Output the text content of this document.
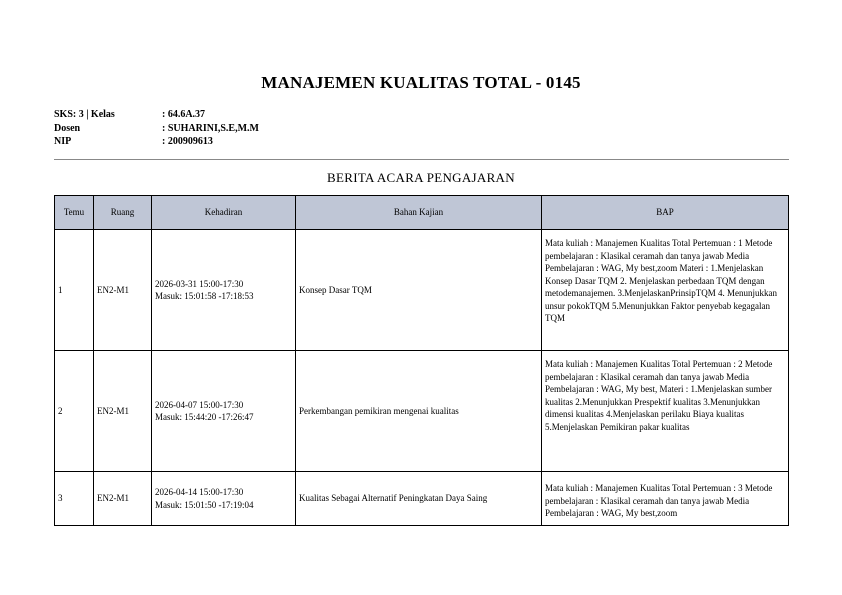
MANAJEMEN KUALITAS TOTAL - 0145
SKS: 3 | Kelas	: 64.6A.37
Dosen	: SUHARINI,S.E,M.M
NIP	: 200909613
BERITA ACARA PENGAJARAN
Temu	Ruang	Kehadiran	Bahan Kajian	BAP
1	EN2-M1	2026-03-31 15:00-17:30
Masuk: 15:01:58 -17:18:53	Konsep Dasar TQM	Mata kuliah : Manajemen Kualitas Total Pertemuan : 1 Metode pembelajaran : Klasikal ceramah dan tanya jawab Media Pembelajaran : WAG, My best,zoom Materi : 1.Menjelaskan Konsep Dasar TQM 2. Menjelaskan perbedaan TQM dengan metodemanajemen. 3.MenjelaskanPrinsipTQM 4. Menunjukkan unsur pokokTQM 5.Menunjukkan Faktor penyebab kegagalan TQM
2	EN2-M1	2026-04-07 15:00-17:30
Masuk: 15:44:20 -17:26:47	Perkembangan pemikiran mengenai kualitas	Mata kuliah : Manajemen Kualitas Total Pertemuan : 2 Metode pembelajaran : Klasikal ceramah dan tanya jawab Media Pembelajaran : WAG, My best, Materi : 1.Menjelaskan sumber kualitas 2.Menunjukkan Prespektif kualitas 3.Menunjukkan dimensi kualitas 4.Menjelaskan perilaku Biaya kualitas 5.Menjelaskan Pemikiran pakar kualitas
3	EN2-M1	2026-04-14 15:00-17:30
Masuk: 15:01:50 -17:19:04	Kualitas Sebagai Alternatif Peningkatan Daya Saing	Mata kuliah : Manajemen Kualitas Total Pertemuan : 3 Metode pembelajaran : Klasikal ceramah dan tanya jawab Media Pembelajaran : WAG, My best,zoom
